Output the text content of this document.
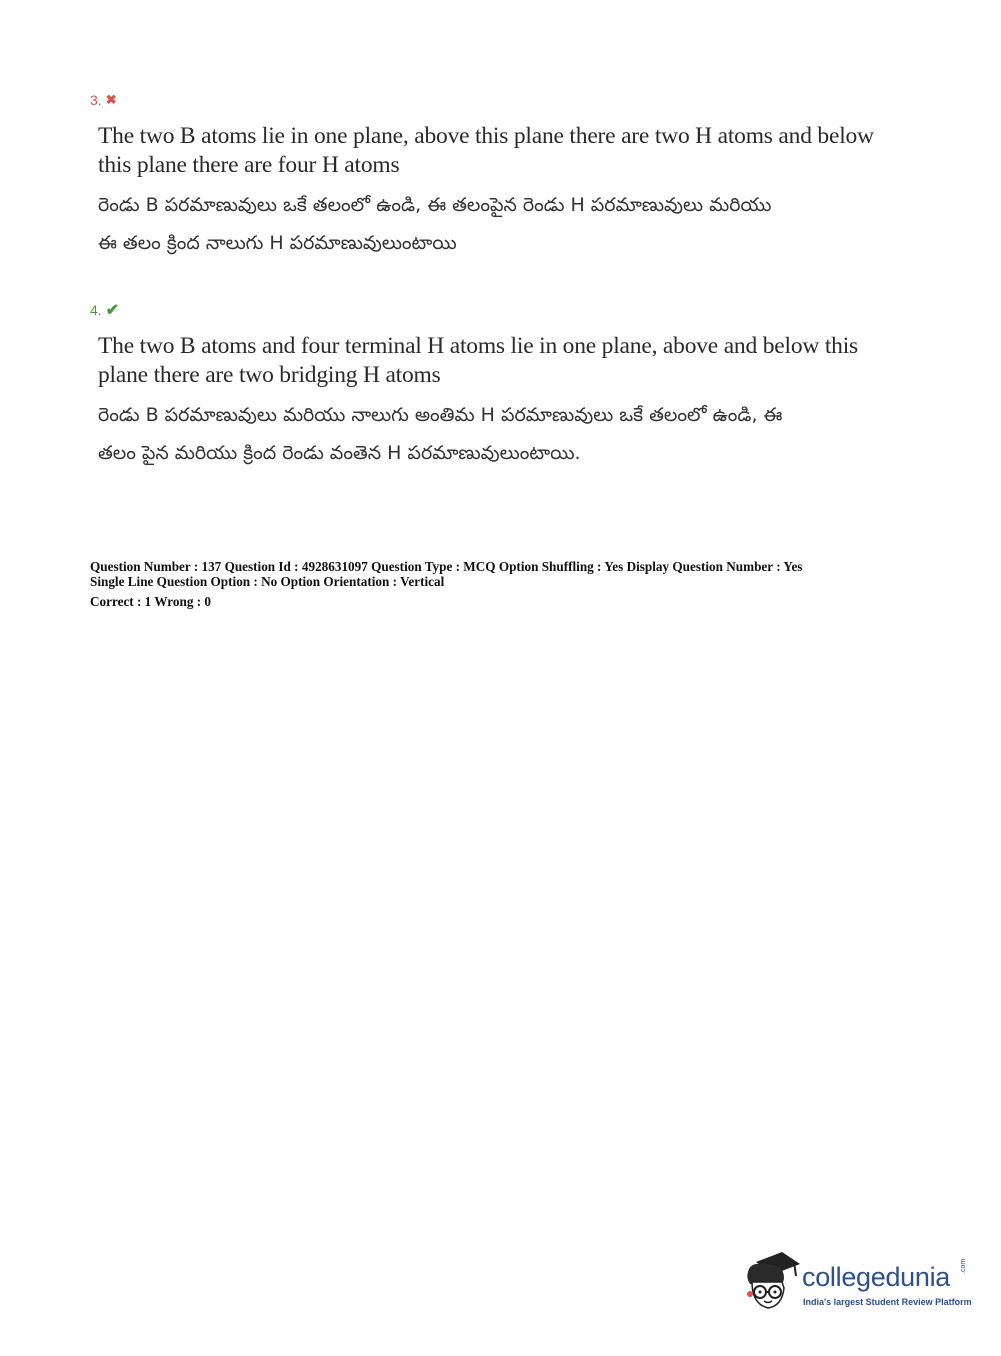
3. ✖
The two B atoms lie in one plane, above this plane there are two H atoms and below
this plane there are four H atoms
రెండు B పరమాణువులు ఒకే తలంలో ఉండి, ఈ తలంపైన రెండు H పరమాణువులు మరియు
ఈ తలం క్రింద నాలుగు H పరమాణువులుంటాయి
4. ✔
The two B atoms and four terminal H atoms lie in one plane, above and below this
plane there are two bridging H atoms
రెండు B పరమాణువులు మరియు నాలుగు అంతిమ H పరమాణువులు ఒకే తలంలో ఉండి, ఈ
తలం పైన మరియు క్రింద రెండు వంతెన H పరమాణువులుంటాయి.
Question Number : 137 Question Id : 4928631097 Question Type : MCQ Option Shuffling : Yes Display Question Number : Yes
Single Line Question Option : No Option Orientation : Vertical
Correct : 1 Wrong : 0
collegedunia .com
India's largest Student Review Platform
